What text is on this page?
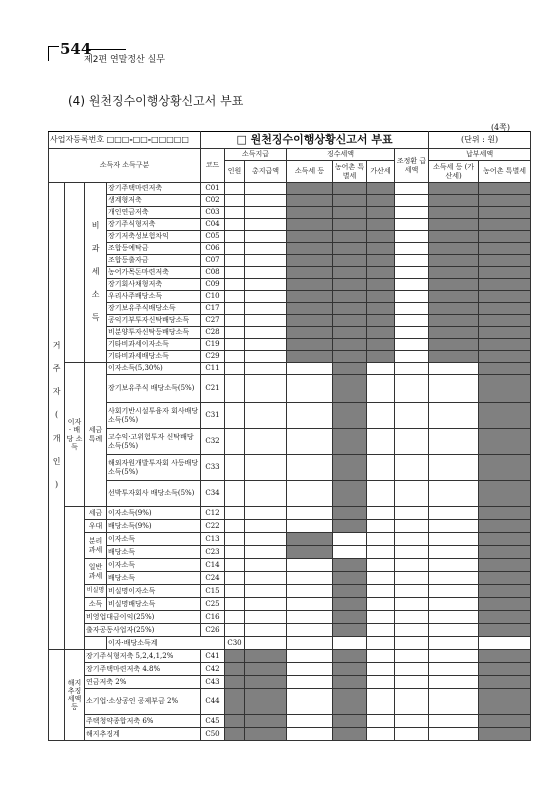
544
제2편 연말정산 실무
(4) 원천징수이행상황신고서 부표
(4쪽)
사업자등록번호 □□□-□□-□□□□□				□ 원천징수이행상황신고서 부표							(단위 : 원)		
소득자 소득구분				코드	소득지급		징수세액			조정환 급세액	납부세액		
					인원	총지급액	소득세 등	농어촌 특별세	가산세		소득세 등 (가산세)	농어촌 특별세	
거 주 자 ( 개 인 )		비 과 세 소 득	장기주택마련저축	C01									
			생계형저축	C02									
			개인연금저축	C03									
			장기주식형저축	C04									
			장기저축성보험차익	C05									
			조합등예탁금	C06									
			조합등출자금	C07									
			농어가목돈마련저축	C08									
			장기회사채형저축	C09									
			우리사주배당소득	C10									
			장기보유주식배당소득	C17									
			공익기부투자신탁배당소득	C27									
			비분양투자신탁등배당소득	C28									
			기타비과세이자소득	C19									
			기타비과세배당소득	C29									
	이자 · 배당 소득	세금 특례	이자소득(5,30%)	C11									
			장기보유주식 배당소득(5%)	C21									
			사회기반시설투융자 회사배당소득(5%)	C31									
			고수익·고위험투자 신탁배당소득(5%)	C32									
			해외자원개발투자회 사등배당소득(5%)	C33									
			선박투자회사 배당소득(5%)	C34									
		세금	이자소득(9%)	C12									
		우대	배당소득(9%)	C22									
		분리 과세	이자소득	C13									
			배당소득	C23									
		일반 과세	이자소득	C14									
			배당소득	C24									
		비실명	비실명이자소득	C15									
		소득	비실명배당소득	C25									
		비영업대금이익(25%)		C16									
		출자공동사업자(25%)		C26									
			이자·배당소득계		C30								
	해지 추징 세액 등	장기주식형저축 5,2,4,1,2%		C41									
		장기주택마련저축 4.8%		C42									
		연금저축 2%		C43									
		소기업·소상공인 공제부금 2%		C44									
		주택청약종합저축 6%		C45									
		해지추징계		C50									
